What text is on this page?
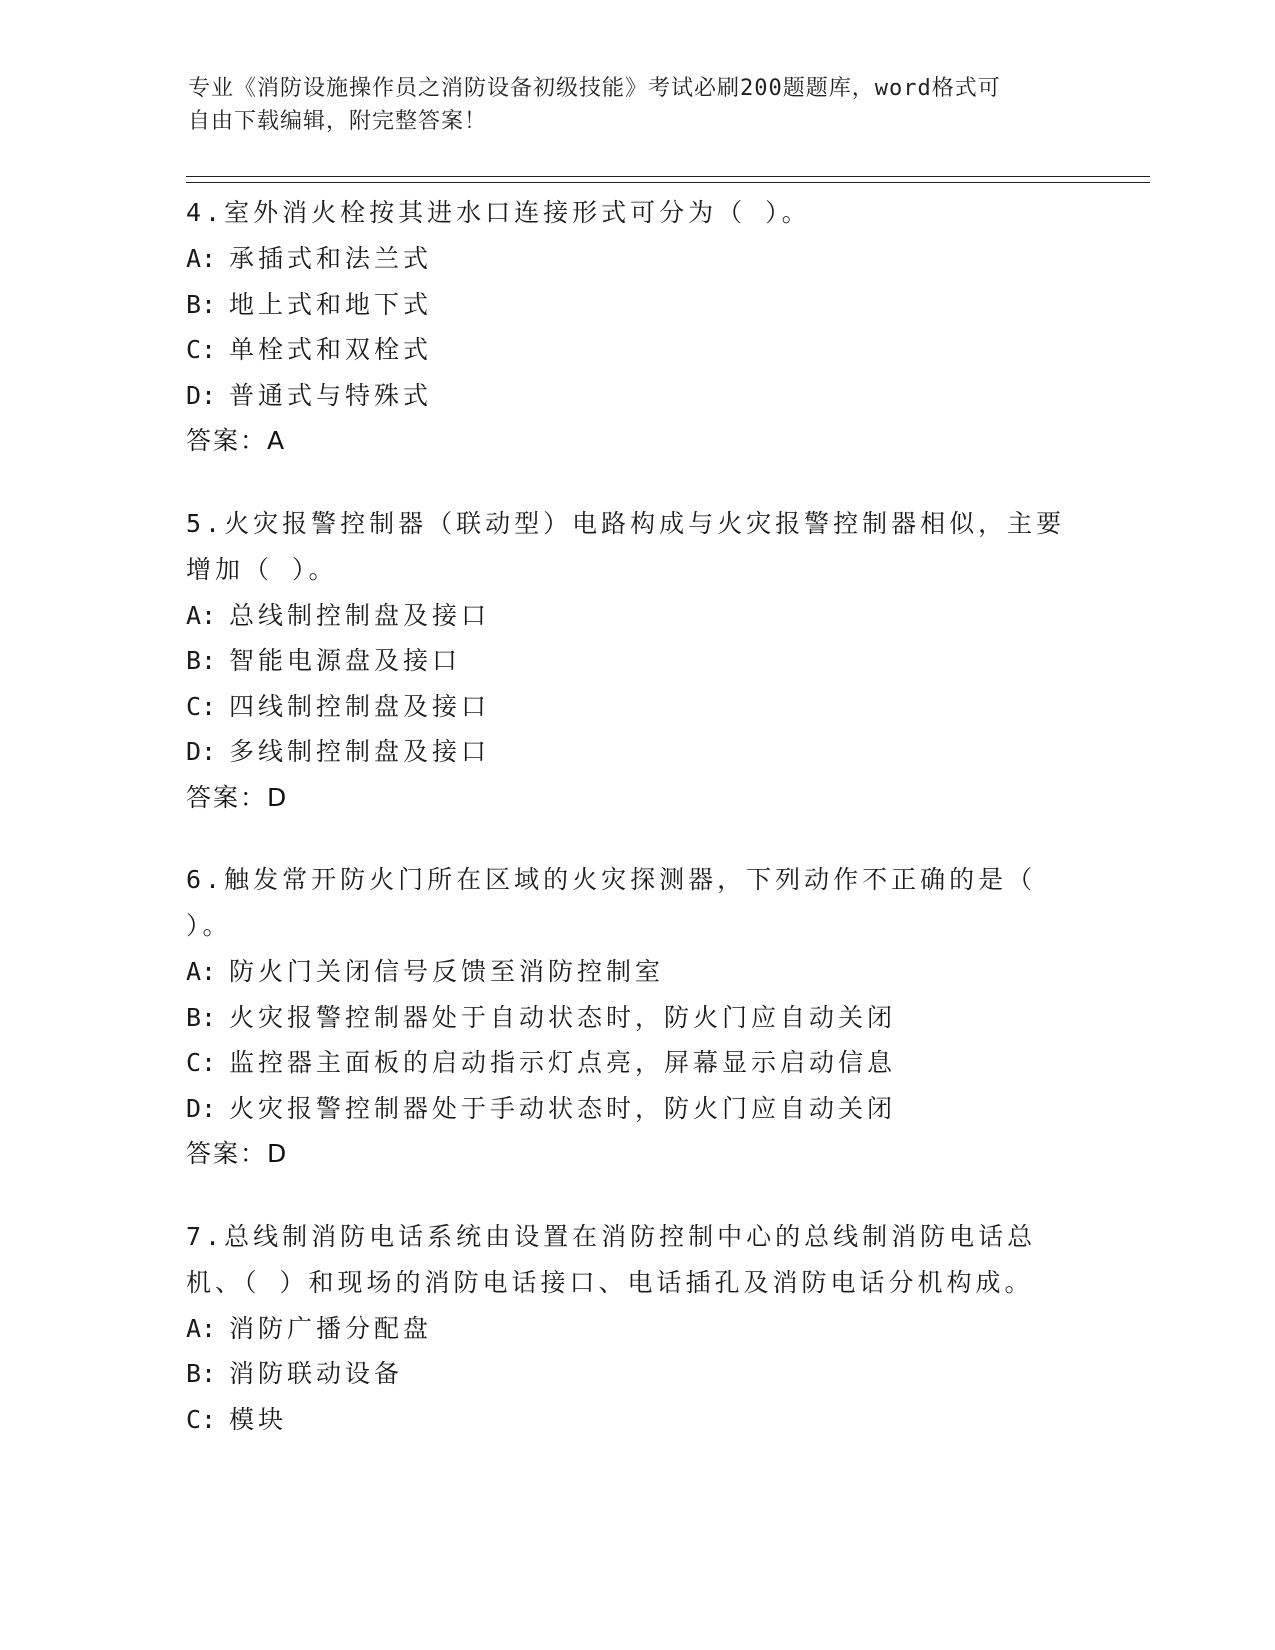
专业《消防设施操作员之消防设备初级技能》考试必刷200题题库，word格式可
自由下载编辑，附完整答案！

4.室外消火栓按其进水口连接形式可分为（ ）。

A: 承插式和法兰式
B: 地上式和地下式
C: 单栓式和双栓式
D: 普通式与特殊式
答案：A

5.火灾报警控制器（联动型）电路构成与火灾报警控制器相似，主要增加（ ）。

A: 总线制控制盘及接口
B: 智能电源盘及接口
C: 四线制控制盘及接口
D: 多线制控制盘及接口
答案：D

6.触发常开防火门所在区域的火灾探测器，下列动作不正确的是（ ）。

A: 防火门关闭信号反馈至消防控制室
B: 火灾报警控制器处于自动状态时，防火门应自动关闭
C: 监控器主面板的启动指示灯点亮，屏幕显示启动信息
D: 火灾报警控制器处于手动状态时，防火门应自动关闭
答案：D

7.总线制消防电话系统由设置在消防控制中心的总线制消防电话总机、（ ）和现场的消防电话接口、电话插孔及消防电话分机构成。

A: 消防广播分配盘
B: 消防联动设备
C: 模块
